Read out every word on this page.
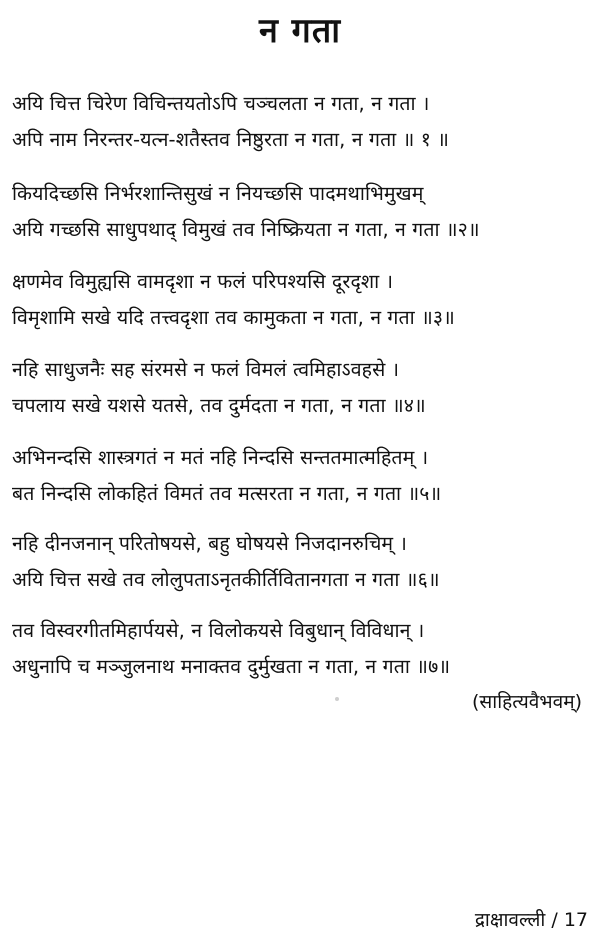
न गता
अयि चित्त चिरेण विचिन्तयतोऽपि चञ्चलता न गता, न गता ।
अपि नाम निरन्तर-यत्न-शतैस्तव निष्ठुरता न गता, न गता ॥ १ ॥
कियदिच्छसि निर्भरशान्तिसुखं न नियच्छसि पादमथाभिमुखम्
अयि गच्छसि साधुपथाद् विमुखं तव निष्क्रियता न गता, न गता ॥२॥
क्षणमेव विमुह्यसि वामदृशा न फलं परिपश्यसि दूरदृशा ।
विमृशामि सखे यदि तत्त्वदृशा तव कामुकता न गता, न गता ॥३॥
नहि साधुजनैः सह संरमसे न फलं विमलं त्वमिहाऽवहसे ।
चपलाय सखे यशसे यतसे, तव दुर्मदता न गता, न गता ॥४॥
अभिनन्दसि शास्त्रगतं न मतं नहि निन्दसि सन्ततमात्महितम् ।
बत निन्दसि लोकहितं विमतं तव मत्सरता न गता, न गता ॥५॥
नहि दीनजनान् परितोषयसे, बहु घोषयसे निजदानरुचिम् ।
अयि चित्त सखे तव लोलुपताऽनृतकीर्तिवितानगता न गता ॥६॥
तव विस्वरगीतमिहार्पयसे, न विलोकयसे विबुधान् विविधान् ।
अधुनापि च मञ्जुलनाथ मनाक्तव दुर्मुखता न गता, न गता ॥७॥
(साहित्यवैभवम्)
द्राक्षावल्ली / 17
